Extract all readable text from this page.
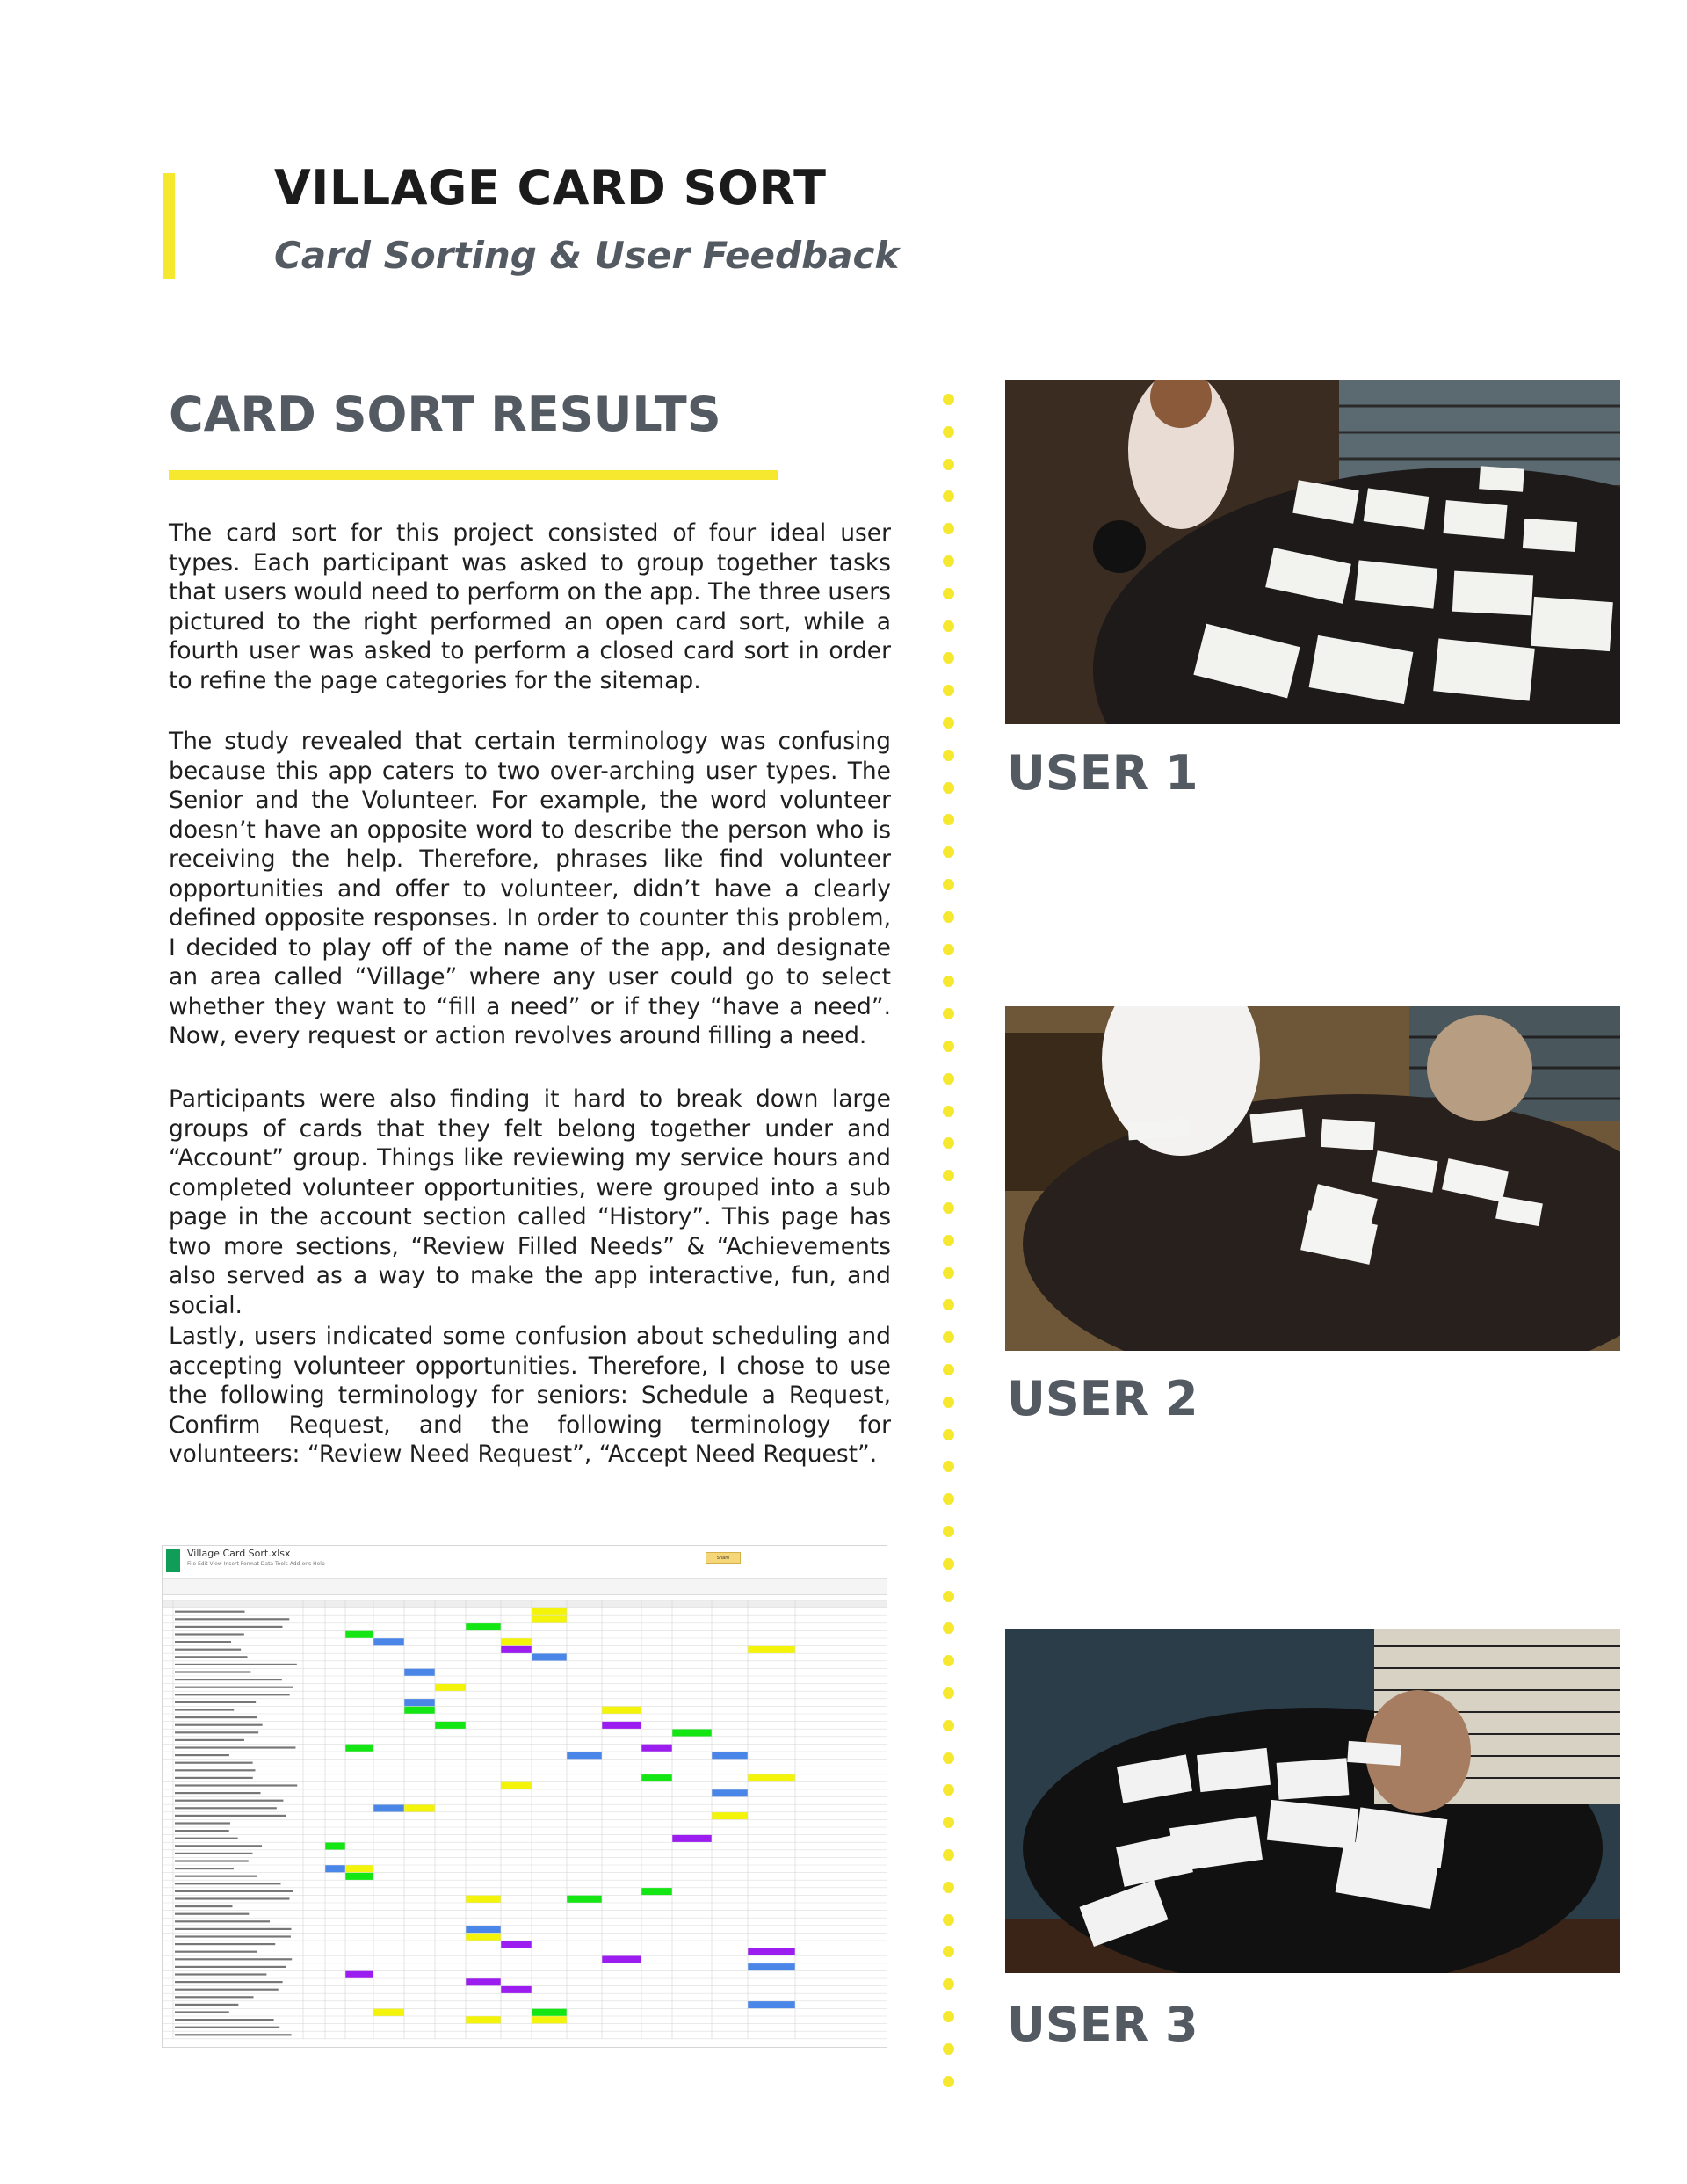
VILLAGE CARD SORT
Card Sorting & User Feedback
CARD SORT RESULTS

The card sort for this project consisted of four ideal user types. Each participant was asked to group together tasks that users would need to perform on the app. The three users pictured to the right performed an open card sort, while a fourth user was asked to perform a closed card sort in order to refine the page categories for the sitemap.

The study revealed that certain terminology was confusing because this app caters to two over-arching user types. The Senior and the Volunteer. For example, the word volunteer doesn’t have an opposite word to describe the person who is receiving the help. Therefore, phrases like find volunteer opportunities and offer to volunteer, didn’t have a clearly defined opposite responses. In order to counter this problem, I decided to play off of the name of the app, and designate an area called “Village” where any user could go to select whether they want to “fill a need” or if they “have a need”. Now, every request or action revolves around filling a need.

Participants were also finding it hard to break down large groups of cards that they felt belong together under and “Account” group. Things like reviewing my service hours and completed volunteer opportunities, were grouped into a sub page in the account section called “History”. This page has two more sections, “Review Filled Needs” & “Achievements also served as a way to make the app interactive, fun, and social.

Lastly, users indicated some confusion about scheduling and accepting volunteer opportunities. Therefore, I chose to use the following terminology for seniors: Schedule a Request, Confirm Request, and the following terminology for volunteers: “Review Need Request”, “Accept Need Request”.

USER 1
USER 2
USER 3
Village Card Sort.xlsx
File Edit View Insert Format Data Tools Add-ons Help
Share
